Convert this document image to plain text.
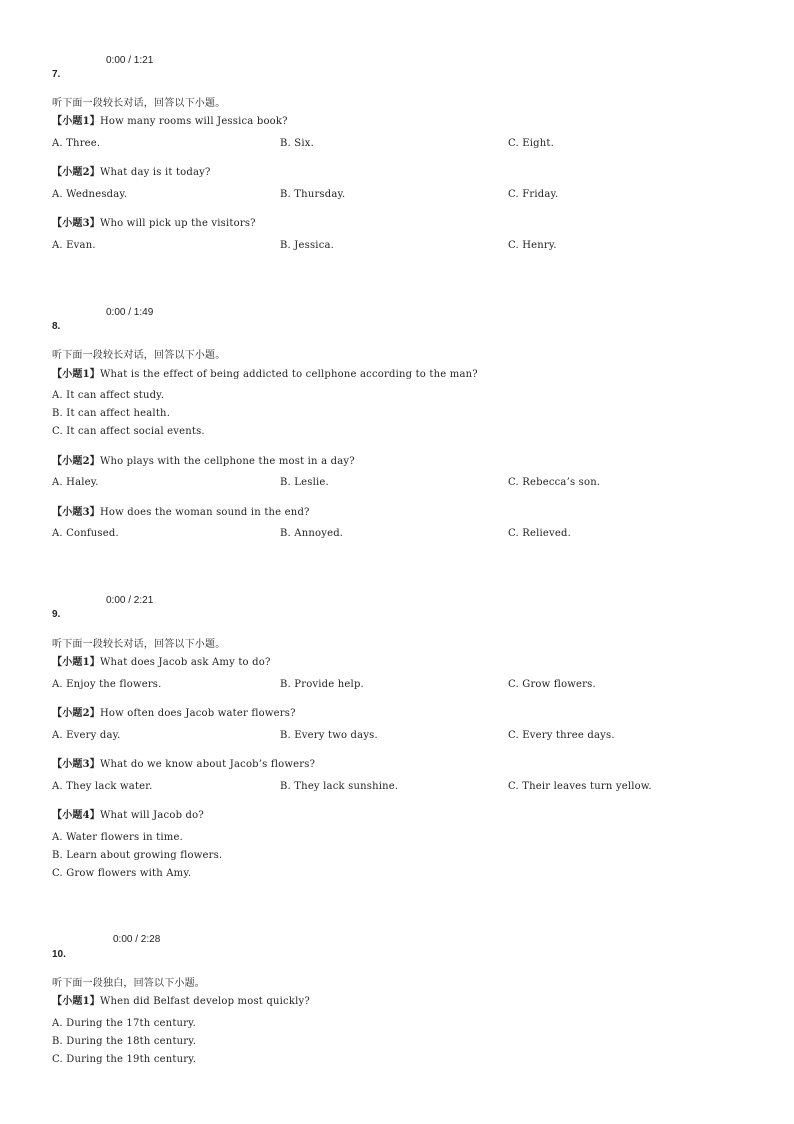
0:00 / 1:21
7.
听下面一段较长对话，回答以下小题。
【小题1】How many rooms will Jessica book?
A. Three.	B. Six.	C. Eight.
【小题2】What day is it today?
A. Wednesday.	B. Thursday.	C. Friday.
【小题3】Who will pick up the visitors?
A. Evan.	B. Jessica.	C. Henry.
0:00 / 1:49
8.
听下面一段较长对话，回答以下小题。
【小题1】What is the effect of being addicted to cellphone according to the man?
A. It can affect study.
B. It can affect health.
C. It can affect social events.
【小题2】Who plays with the cellphone the most in a day?
A. Haley.	B. Leslie.	C. Rebecca’s son.
【小题3】How does the woman sound in the end?
A. Confused.	B. Annoyed.	C. Relieved.
0:00 / 2:21
9.
听下面一段较长对话，回答以下小题。
【小题1】What does Jacob ask Amy to do?
A. Enjoy the flowers.	B. Provide help.	C. Grow flowers.
【小题2】How often does Jacob water flowers?
A. Every day.	B. Every two days.	C. Every three days.
【小题3】What do we know about Jacob’s flowers?
A. They lack water.	B. They lack sunshine.	C. Their leaves turn yellow.
【小题4】What will Jacob do?
A. Water flowers in time.
B. Learn about growing flowers.
C. Grow flowers with Amy.
0:00 / 2:28
10.
听下面一段独白，回答以下小题。
【小题1】When did Belfast develop most quickly?
A. During the 17th century.
B. During the 18th century.
C. During the 19th century.
